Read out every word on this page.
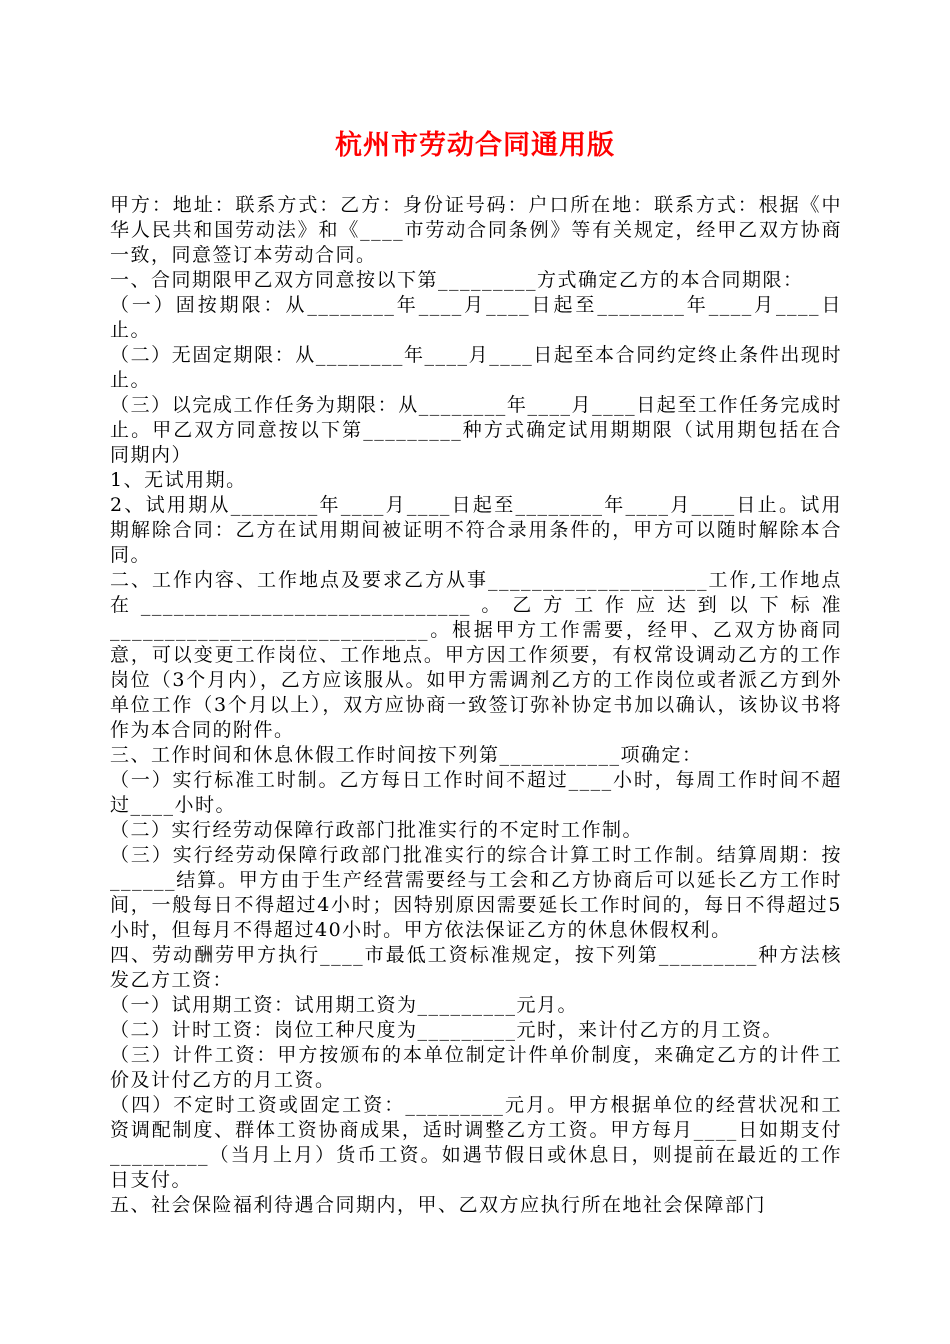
杭州市劳动合同通用版

甲方：地址：联系方式：乙方：身份证号码：户口所在地：联系方式：根据《中华人民共和国劳动法》和《____市劳动合同条例》等有关规定，经甲乙双方协商一致，同意签订本劳动合同。

一、合同期限甲乙双方同意按以下第_________方式确定乙方的本合同期限：

（一）固按期限：从________年____月____日起至________年____月____日止。

（二）无固定期限：从________年____月____日起至本合同约定终止条件出现时止。

（三）以完成工作任务为期限：从________年____月____日起至工作任务完成时止。甲乙双方同意按以下第_________种方式确定试用期期限（试用期包括在合同期内）

1、无试用期。

2、试用期从________年____月____日起至________年____月____日止。试用期解除合同：乙方在试用期间被证明不符合录用条件的，甲方可以随时解除本合同。

二、工作内容、工作地点及要求乙方从事____________________工作,工作地点在______________________________。乙方工作应达到以下标准_____________________________。根据甲方工作需要，经甲、乙双方协商同意，可以变更工作岗位、工作地点。甲方因工作须要，有权常设调动乙方的工作岗位（3个月内），乙方应该服从。如甲方需调剂乙方的工作岗位或者派乙方到外单位工作（3个月以上），双方应协商一致签订弥补协定书加以确认，该协议书将作为本合同的附件。

三、工作时间和休息休假工作时间按下列第___________项确定：

（一）实行标准工时制。乙方每日工作时间不超过____小时，每周工作时间不超过____小时。

（二）实行经劳动保障行政部门批准实行的不定时工作制。

（三）实行经劳动保障行政部门批准实行的综合计算工时工作制。结算周期：按______结算。甲方由于生产经营需要经与工会和乙方协商后可以延长乙方工作时间，一般每日不得超过4小时；因特别原因需要延长工作时间的，每日不得超过5小时，但每月不得超过40小时。甲方依法保证乙方的休息休假权利。

四、劳动酬劳甲方执行____市最低工资标准规定，按下列第_________种方法核发乙方工资：

（一）试用期工资：试用期工资为_________元月。

（二）计时工资：岗位工种尺度为_________元时，来计付乙方的月工资。

（三）计件工资：甲方按颁布的本单位制定计件单价制度，来确定乙方的计件工价及计付乙方的月工资。

（四）不定时工资或固定工资：_________元月。甲方根据单位的经营状况和工资调配制度、群体工资协商成果，适时调整乙方工资。甲方每月____日如期支付_________（当月上月）货币工资。如遇节假日或休息日，则提前在最近的工作日支付。

五、社会保险福利待遇合同期内，甲、乙双方应执行所在地社会保障部门
